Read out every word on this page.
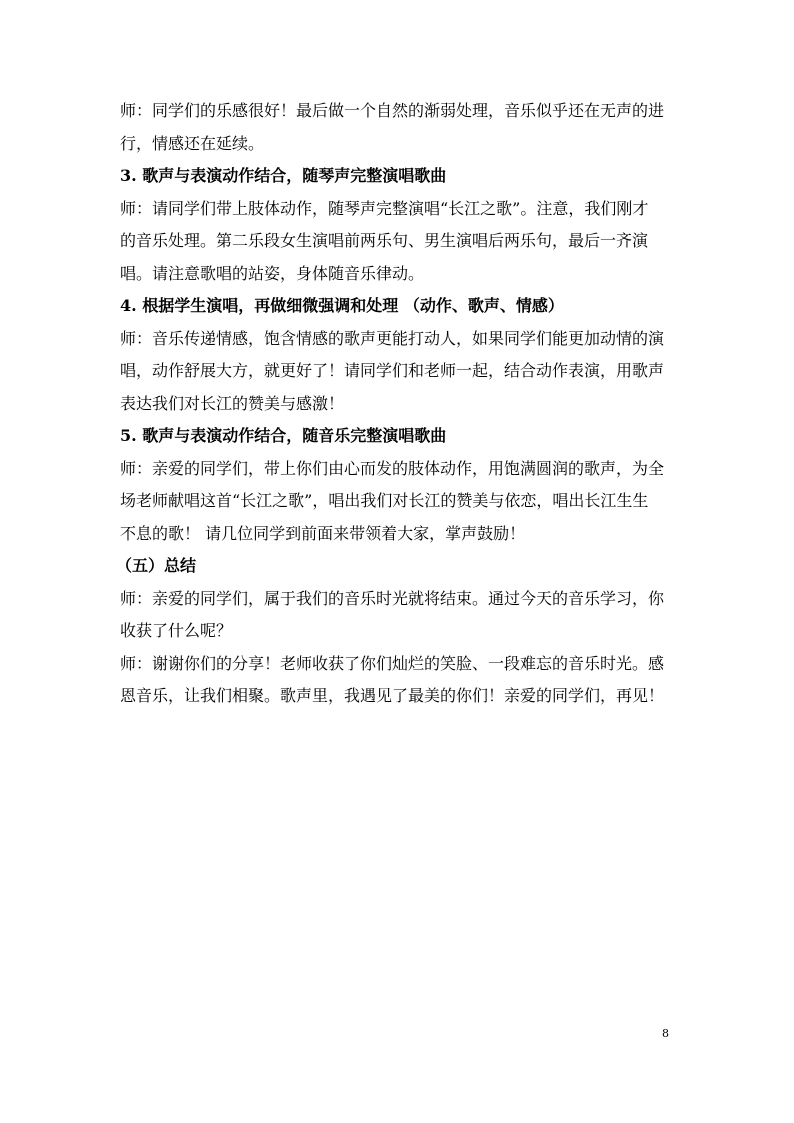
师：同学们的乐感很好！最后做一个自然的渐弱处理，音乐似乎还在无声的进

行，情感还在延续。

3. 歌声与表演动作结合，随琴声完整演唱歌曲

师：请同学们带上肢体动作，随琴声完整演唱“长江之歌”。注意，我们刚才

的音乐处理。第二乐段女生演唱前两乐句、男生演唱后两乐句，最后一齐演

唱。请注意歌唱的站姿，身体随音乐律动。

4. 根据学生演唱，再做细微强调和处理 （动作、歌声、情感）

师：音乐传递情感，饱含情感的歌声更能打动人，如果同学们能更加动情的演

唱，动作舒展大方，就更好了！请同学们和老师一起，结合动作表演，用歌声

表达我们对长江的赞美与感激！

5. 歌声与表演动作结合，随音乐完整演唱歌曲

师：亲爱的同学们，带上你们由心而发的肢体动作，用饱满圆润的歌声，为全

场老师献唱这首“长江之歌”，唱出我们对长江的赞美与依恋，唱出长江生生

不息的歌！ 请几位同学到前面来带领着大家，掌声鼓励！

（五）总结

师：亲爱的同学们，属于我们的音乐时光就将结束。通过今天的音乐学习，你

收获了什么呢？

师：谢谢你们的分享！老师收获了你们灿烂的笑脸、一段难忘的音乐时光。感

恩音乐，让我们相聚。歌声里，我遇见了最美的你们！亲爱的同学们，再见！

8
